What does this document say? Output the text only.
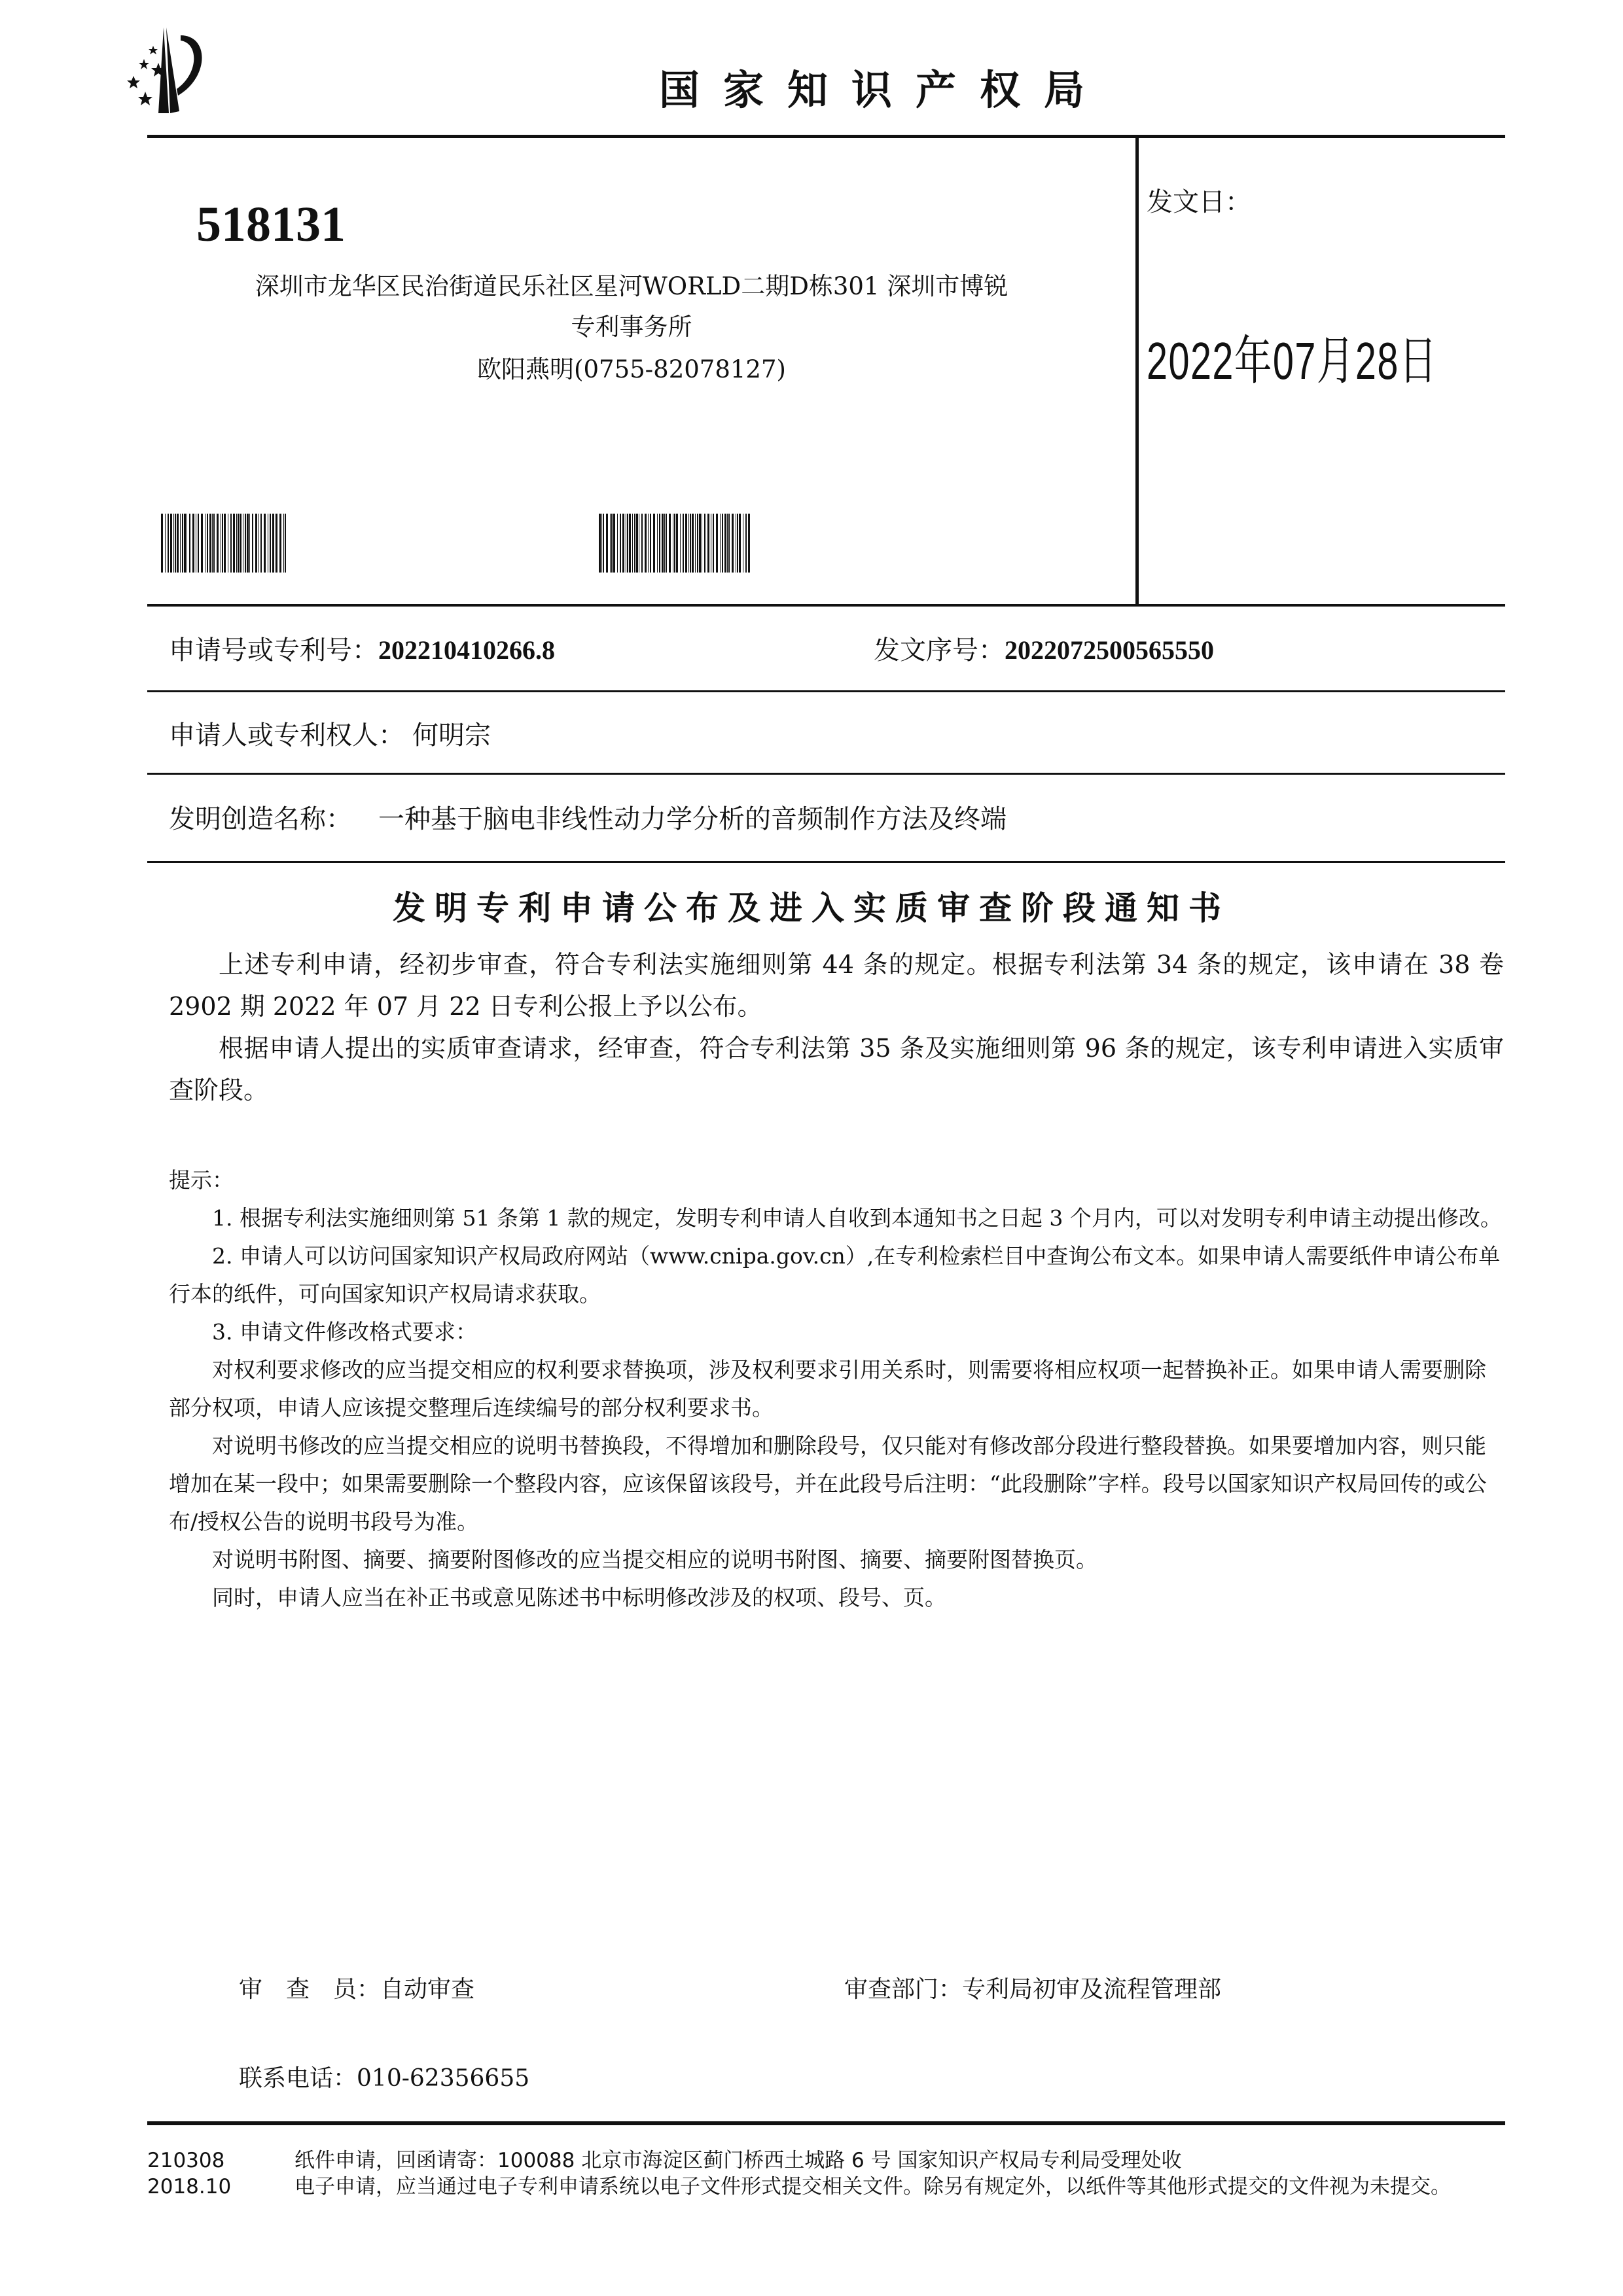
国家知识产权局
518131
深圳市龙华区民治街道民乐社区星河WORLD二期D栋301 深圳市博锐
专利事务所
欧阳燕明(0755-82078127)
发文日：
2022年07月28日
申请号或专利号：202210410266.8	发文序号：2022072500565550
申请人或专利权人： 何明宗
发明创造名称： 一种基于脑电非线性动力学分析的音频制作方法及终端
发明专利申请公布及进入实质审查阶段通知书

上述专利申请，经初步审查，符合专利法实施细则第 44 条的规定。根据专利法第 34 条的规定，该申请在 38 卷 2902 期 2022 年 07 月 22 日专利公报上予以公布。

根据申请人提出的实质审查请求，经审查，符合专利法第 35 条及实施细则第 96 条的规定，该专利申请进入实质审查阶段。

提示：

1. 根据专利法实施细则第 51 条第 1 款的规定，发明专利申请人自收到本通知书之日起 3 个月内，可以对发明专利申请主动提出修改。

2. 申请人可以访问国家知识产权局政府网站（www.cnipa.gov.cn）,在专利检索栏目中查询公布文本。如果申请人需要纸件申请公布单行本的纸件，可向国家知识产权局请求获取。

3. 申请文件修改格式要求：

对权利要求修改的应当提交相应的权利要求替换项，涉及权利要求引用关系时，则需要将相应权项一起替换补正。如果申请人需要删除部分权项，申请人应该提交整理后连续编号的部分权利要求书。

对说明书修改的应当提交相应的说明书替换段，不得增加和删除段号，仅只能对有修改部分段进行整段替换。如果要增加内容，则只能增加在某一段中；如果需要删除一个整段内容，应该保留该段号，并在此段号后注明：“此段删除”字样。段号以国家知识产权局回传的或公布/授权公告的说明书段号为准。

对说明书附图、摘要、摘要附图修改的应当提交相应的说明书附图、摘要、摘要附图替换页。

同时，申请人应当在补正书或意见陈述书中标明修改涉及的权项、段号、页。

审　查　员：自动审查	审查部门：专利局初审及流程管理部
联系电话：010-62356655
210308
2018.10
纸件申请，回函请寄：100088 北京市海淀区蓟门桥西土城路 6 号 国家知识产权局专利局受理处收
电子申请，应当通过电子专利申请系统以电子文件形式提交相关文件。除另有规定外，以纸件等其他形式提交的文件视为未提交。
